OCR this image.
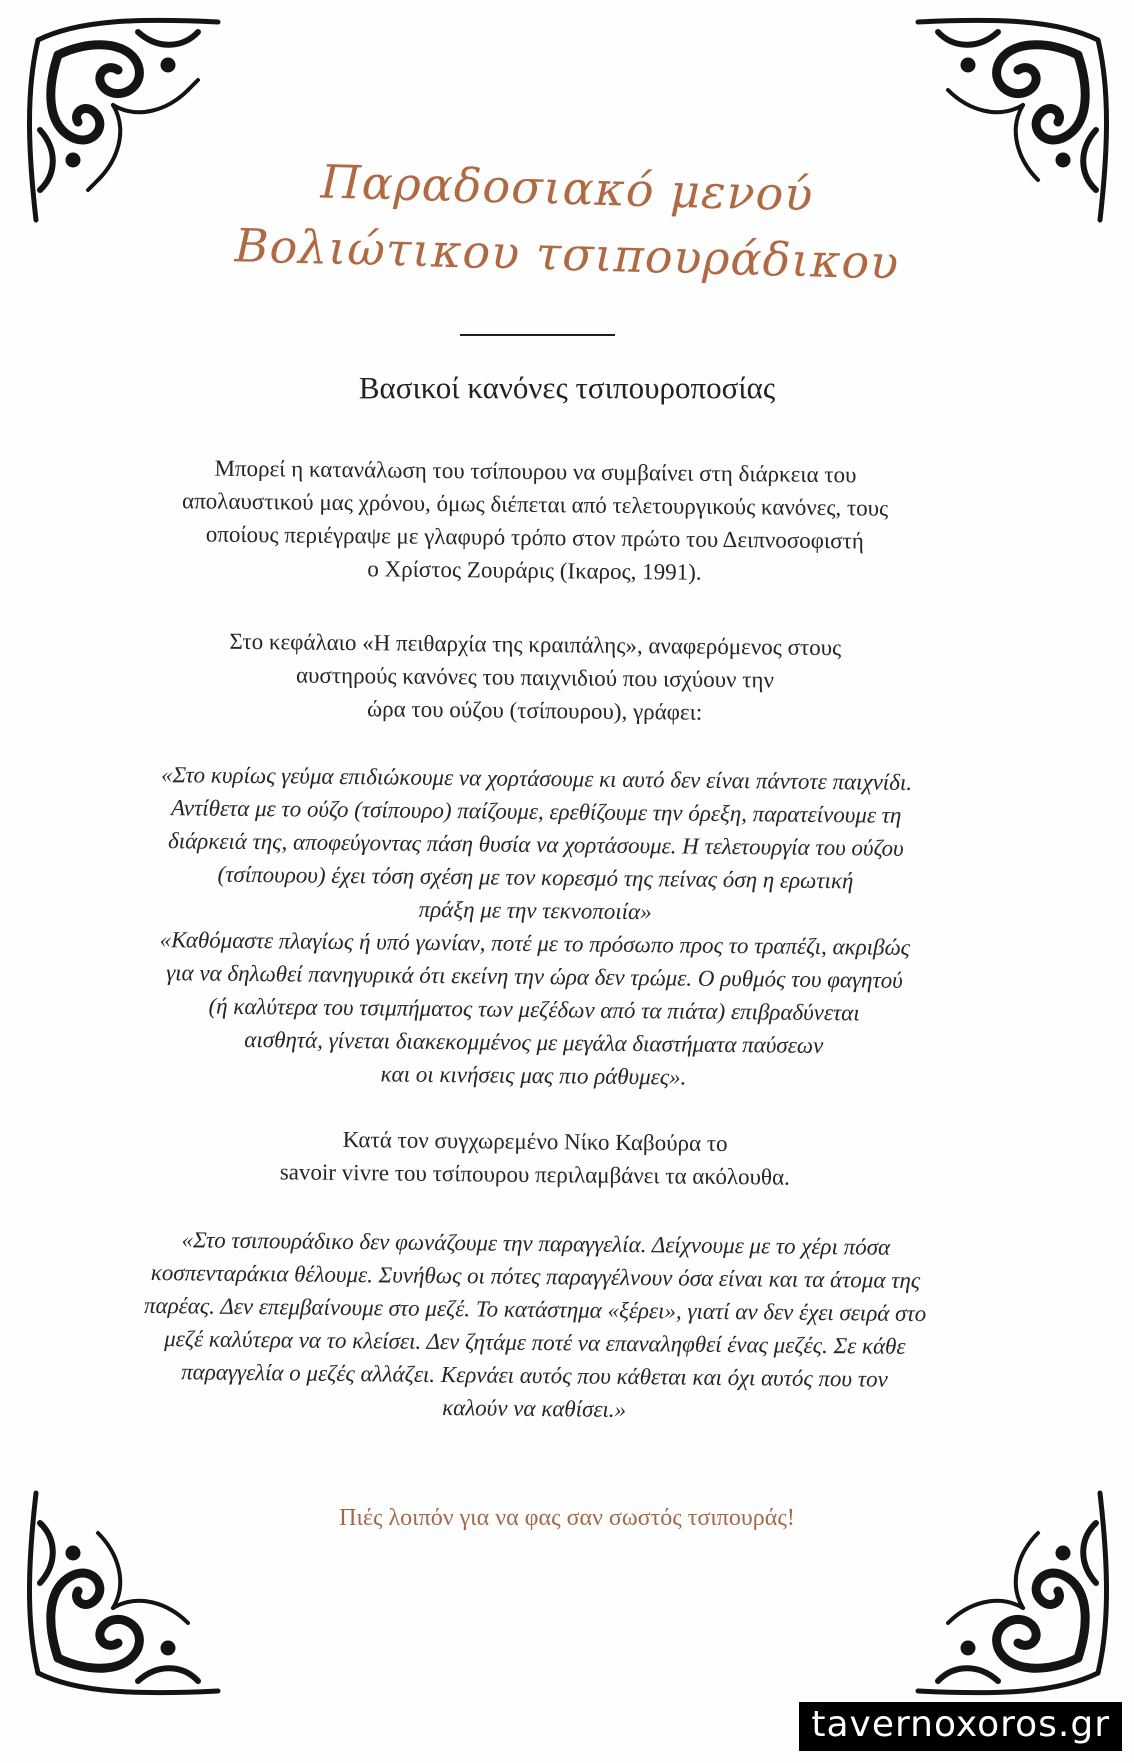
Παραδοσιακό μενού
Βολιώτικου τσιπουράδικου
Βασικοί κανόνες τσιπουροποσίας

Μπορεί η κατανάλωση του τσίπουρου να συμβαίνει στη διάρκεια του

απολαυστικού μας χρόνου, όμως διέπεται από τελετουργικούς κανόνες, τους

οποίους περιέγραψε με γλαφυρό τρόπο στον πρώτο του Δειπνοσοφιστή

ο Χρίστος Ζουράρις (Ικαρος, 1991).

Στο κεφάλαιο «Η πειθαρχία της κραιπάλης», αναφερόμενος στους

αυστηρούς κανόνες του παιχνιδιού που ισχύουν την

ώρα του ούζου (τσίπουρου), γράφει:

«Στο κυρίως γεύμα επιδιώκουμε να χορτάσουμε κι αυτό δεν είναι πάντοτε παιχνίδι.

Αντίθετα με το ούζο (τσίπουρο) παίζουμε, ερεθίζουμε την όρεξη, παρατείνουμε τη

διάρκειά της, αποφεύγοντας πάση θυσία να χορτάσουμε. Η τελετουργία του ούζου

(τσίπουρου) έχει τόση σχέση με τον κορεσμό της πείνας όση η ερωτική

πράξη με την τεκνοποιία»

«Καθόμαστε πλαγίως ή υπό γωνίαν, ποτέ με το πρόσωπο προς το τραπέζι, ακριβώς

για να δηλωθεί πανηγυρικά ότι εκείνη την ώρα δεν τρώμε. Ο ρυθμός του φαγητού

(ή καλύτερα του τσιμπήματος των μεζέδων από τα πιάτα) επιβραδύνεται

αισθητά, γίνεται διακεκομμένος με μεγάλα διαστήματα παύσεων

και οι κινήσεις μας πιο ράθυμες».

Κατά τον συγχωρεμένο Νίκο Καβούρα το

savoir vivre του τσίπουρου περιλαμβάνει τα ακόλουθα.

«Στο τσιπουράδικο δεν φωνάζουμε την παραγγελία. Δείχνουμε με το χέρι πόσα

κοσπενταράκια θέλουμε. Συνήθως οι πότες παραγγέλνουν όσα είναι και τα άτομα της

παρέας. Δεν επεμβαίνουμε στο μεζέ. Το κατάστημα «ξέρει», γιατί αν δεν έχει σειρά στο

μεζέ καλύτερα να το κλείσει. Δεν ζητάμε ποτέ να επαναληφθεί ένας μεζές. Σε κάθε

παραγγελία ο μεζές αλλάζει. Κερνάει αυτός που κάθεται και όχι αυτός που τον

καλούν να καθίσει.»

Πιές λοιπόν για να φας σαν σωστός τσιπουράς!
tavernoxoros.gr
